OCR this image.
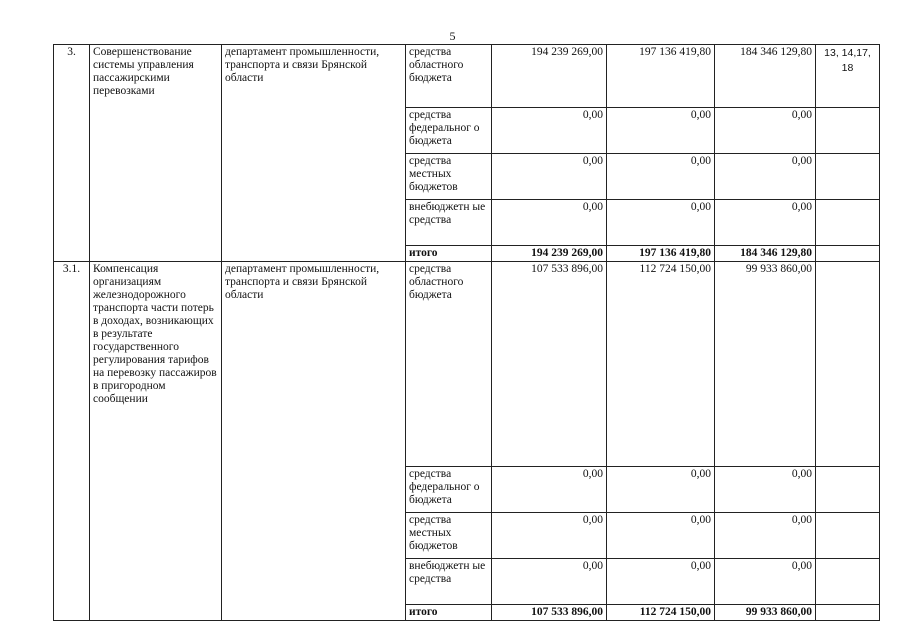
5
3.	Совершенствование системы управления пассажирскими перевозками	департамент промышленности, транспорта и связи Брянской области	средства областного бюджета	194 239 269,00	197 136 419,80	184 346 129,80	13, 14,17, 18
			средства федеральног о бюджета	0,00	0,00	0,00	
			средства местных бюджетов	0,00	0,00	0,00	
			внебюджетн ые средства	0,00	0,00	0,00	
			итого	194 239 269,00	197 136 419,80	184 346 129,80	
3.1.	Компенсация организациям железнодорожного транспорта части потерь в доходах, возникающих в результате государственного регулирования тарифов на перевозку пассажиров в пригородном сообщении	департамент промышленности, транспорта и связи Брянской области	средства областного бюджета	107 533 896,00	112 724 150,00	99 933 860,00	
			средства федеральног о бюджета	0,00	0,00	0,00	
			средства местных бюджетов	0,00	0,00	0,00	
			внебюджетн ые средства	0,00	0,00	0,00	
			итого	107 533 896,00	112 724 150,00	99 933 860,00	
